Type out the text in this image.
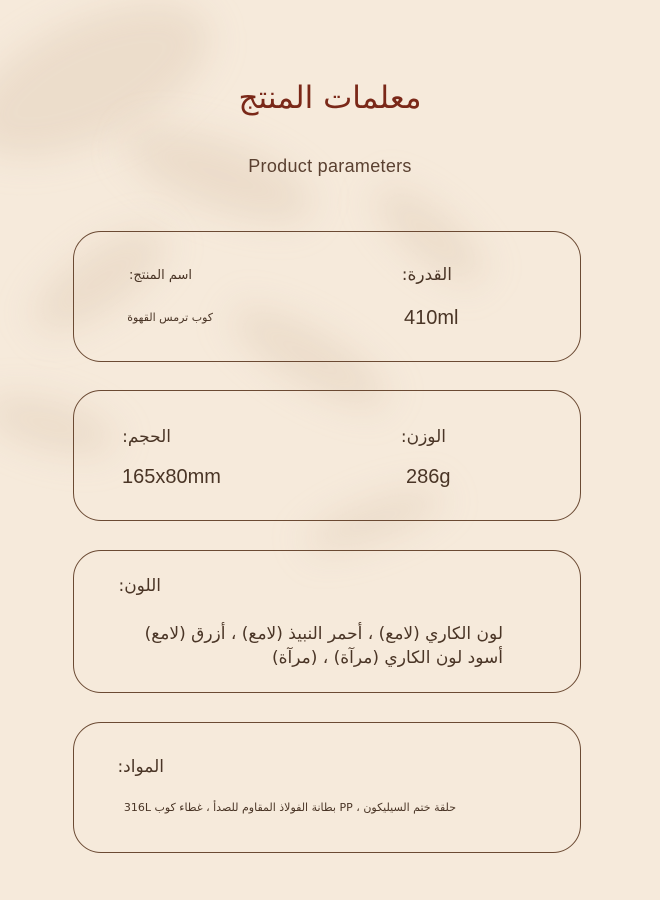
معلمات المنتج
Product parameters
اسم المنتج:
كوب ترمس القهوة
القدرة:
410ml
الحجم:
165x80mm
الوزن:
286g
اللون:
لون الكاري (لامع) ، أحمر النبيذ (لامع) ، أزرق (لامع) أسود لون الكاري (مرآة) ، (مرآة)
المواد:
حلقة ختم السيليكون ، PP بطانة الفولاذ المقاوم للصدأ ، غطاء كوب 316L
